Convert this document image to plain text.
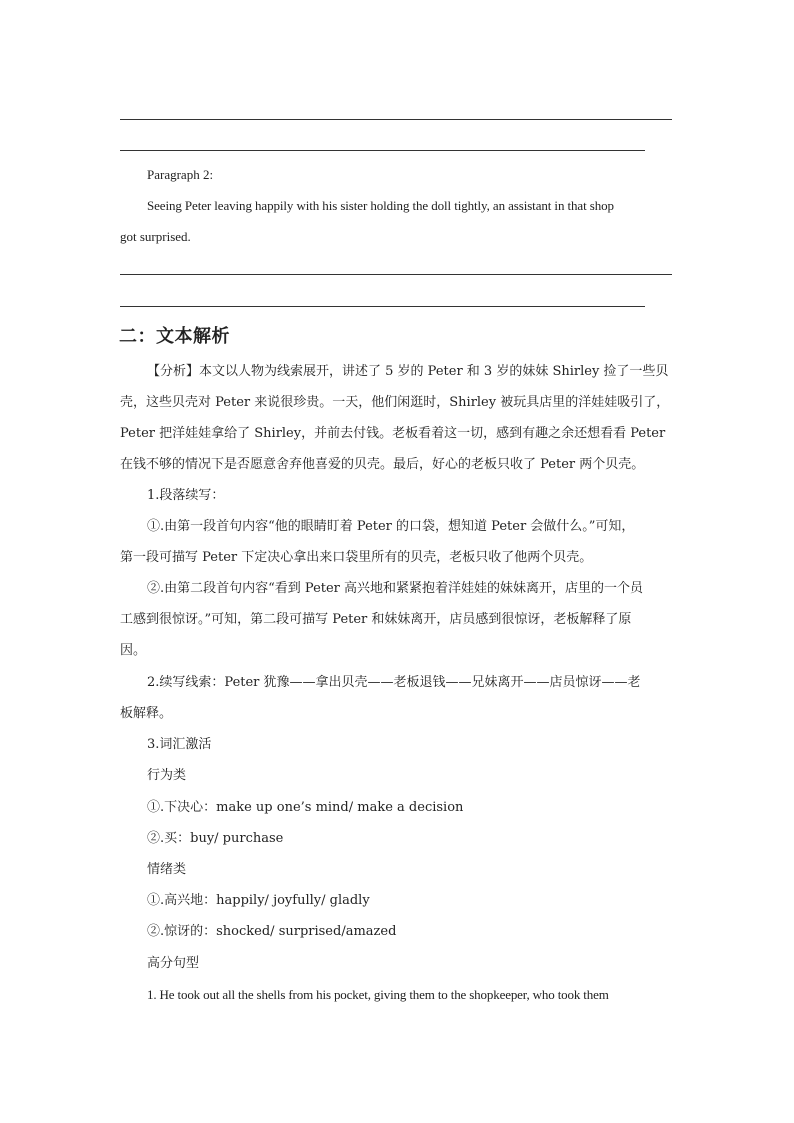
Paragraph 2:
Seeing Peter leaving happily with his sister holding the doll tightly, an assistant in that shop
got surprised.
二：文本解析
【分析】本文以人物为线索展开，讲述了 5 岁的 Peter 和 3 岁的妹妹 Shirley 捡了一些贝
壳，这些贝壳对 Peter 来说很珍贵。一天，他们闲逛时，Shirley 被玩具店里的洋娃娃吸引了，
Peter 把洋娃娃拿给了 Shirley，并前去付钱。老板看着这一切，感到有趣之余还想看看 Peter
在钱不够的情况下是否愿意舍弃他喜爱的贝壳。最后，好心的老板只收了 Peter 两个贝壳。
1.段落续写：
①.由第一段首句内容“他的眼睛盯着 Peter 的口袋，想知道 Peter 会做什么。”可知，
第一段可描写 Peter 下定决心拿出来口袋里所有的贝壳，老板只收了他两个贝壳。
②.由第二段首句内容“看到 Peter 高兴地和紧紧抱着洋娃娃的妹妹离开，店里的一个员
工感到很惊讶。”可知，第二段可描写 Peter 和妹妹离开，店员感到很惊讶，老板解释了原
因。
2.续写线索：Peter 犹豫——拿出贝壳——老板退钱——兄妹离开——店员惊讶——老
板解释。
3.词汇激活
行为类
①.下决心：make up one’s mind/ make a decision
②.买：buy/ purchase
情绪类
①.高兴地：happily/ joyfully/ gladly
②.惊讶的：shocked/ surprised/amazed
高分句型
1. He took out all the shells from his pocket, giving them to the shopkeeper, who took them
